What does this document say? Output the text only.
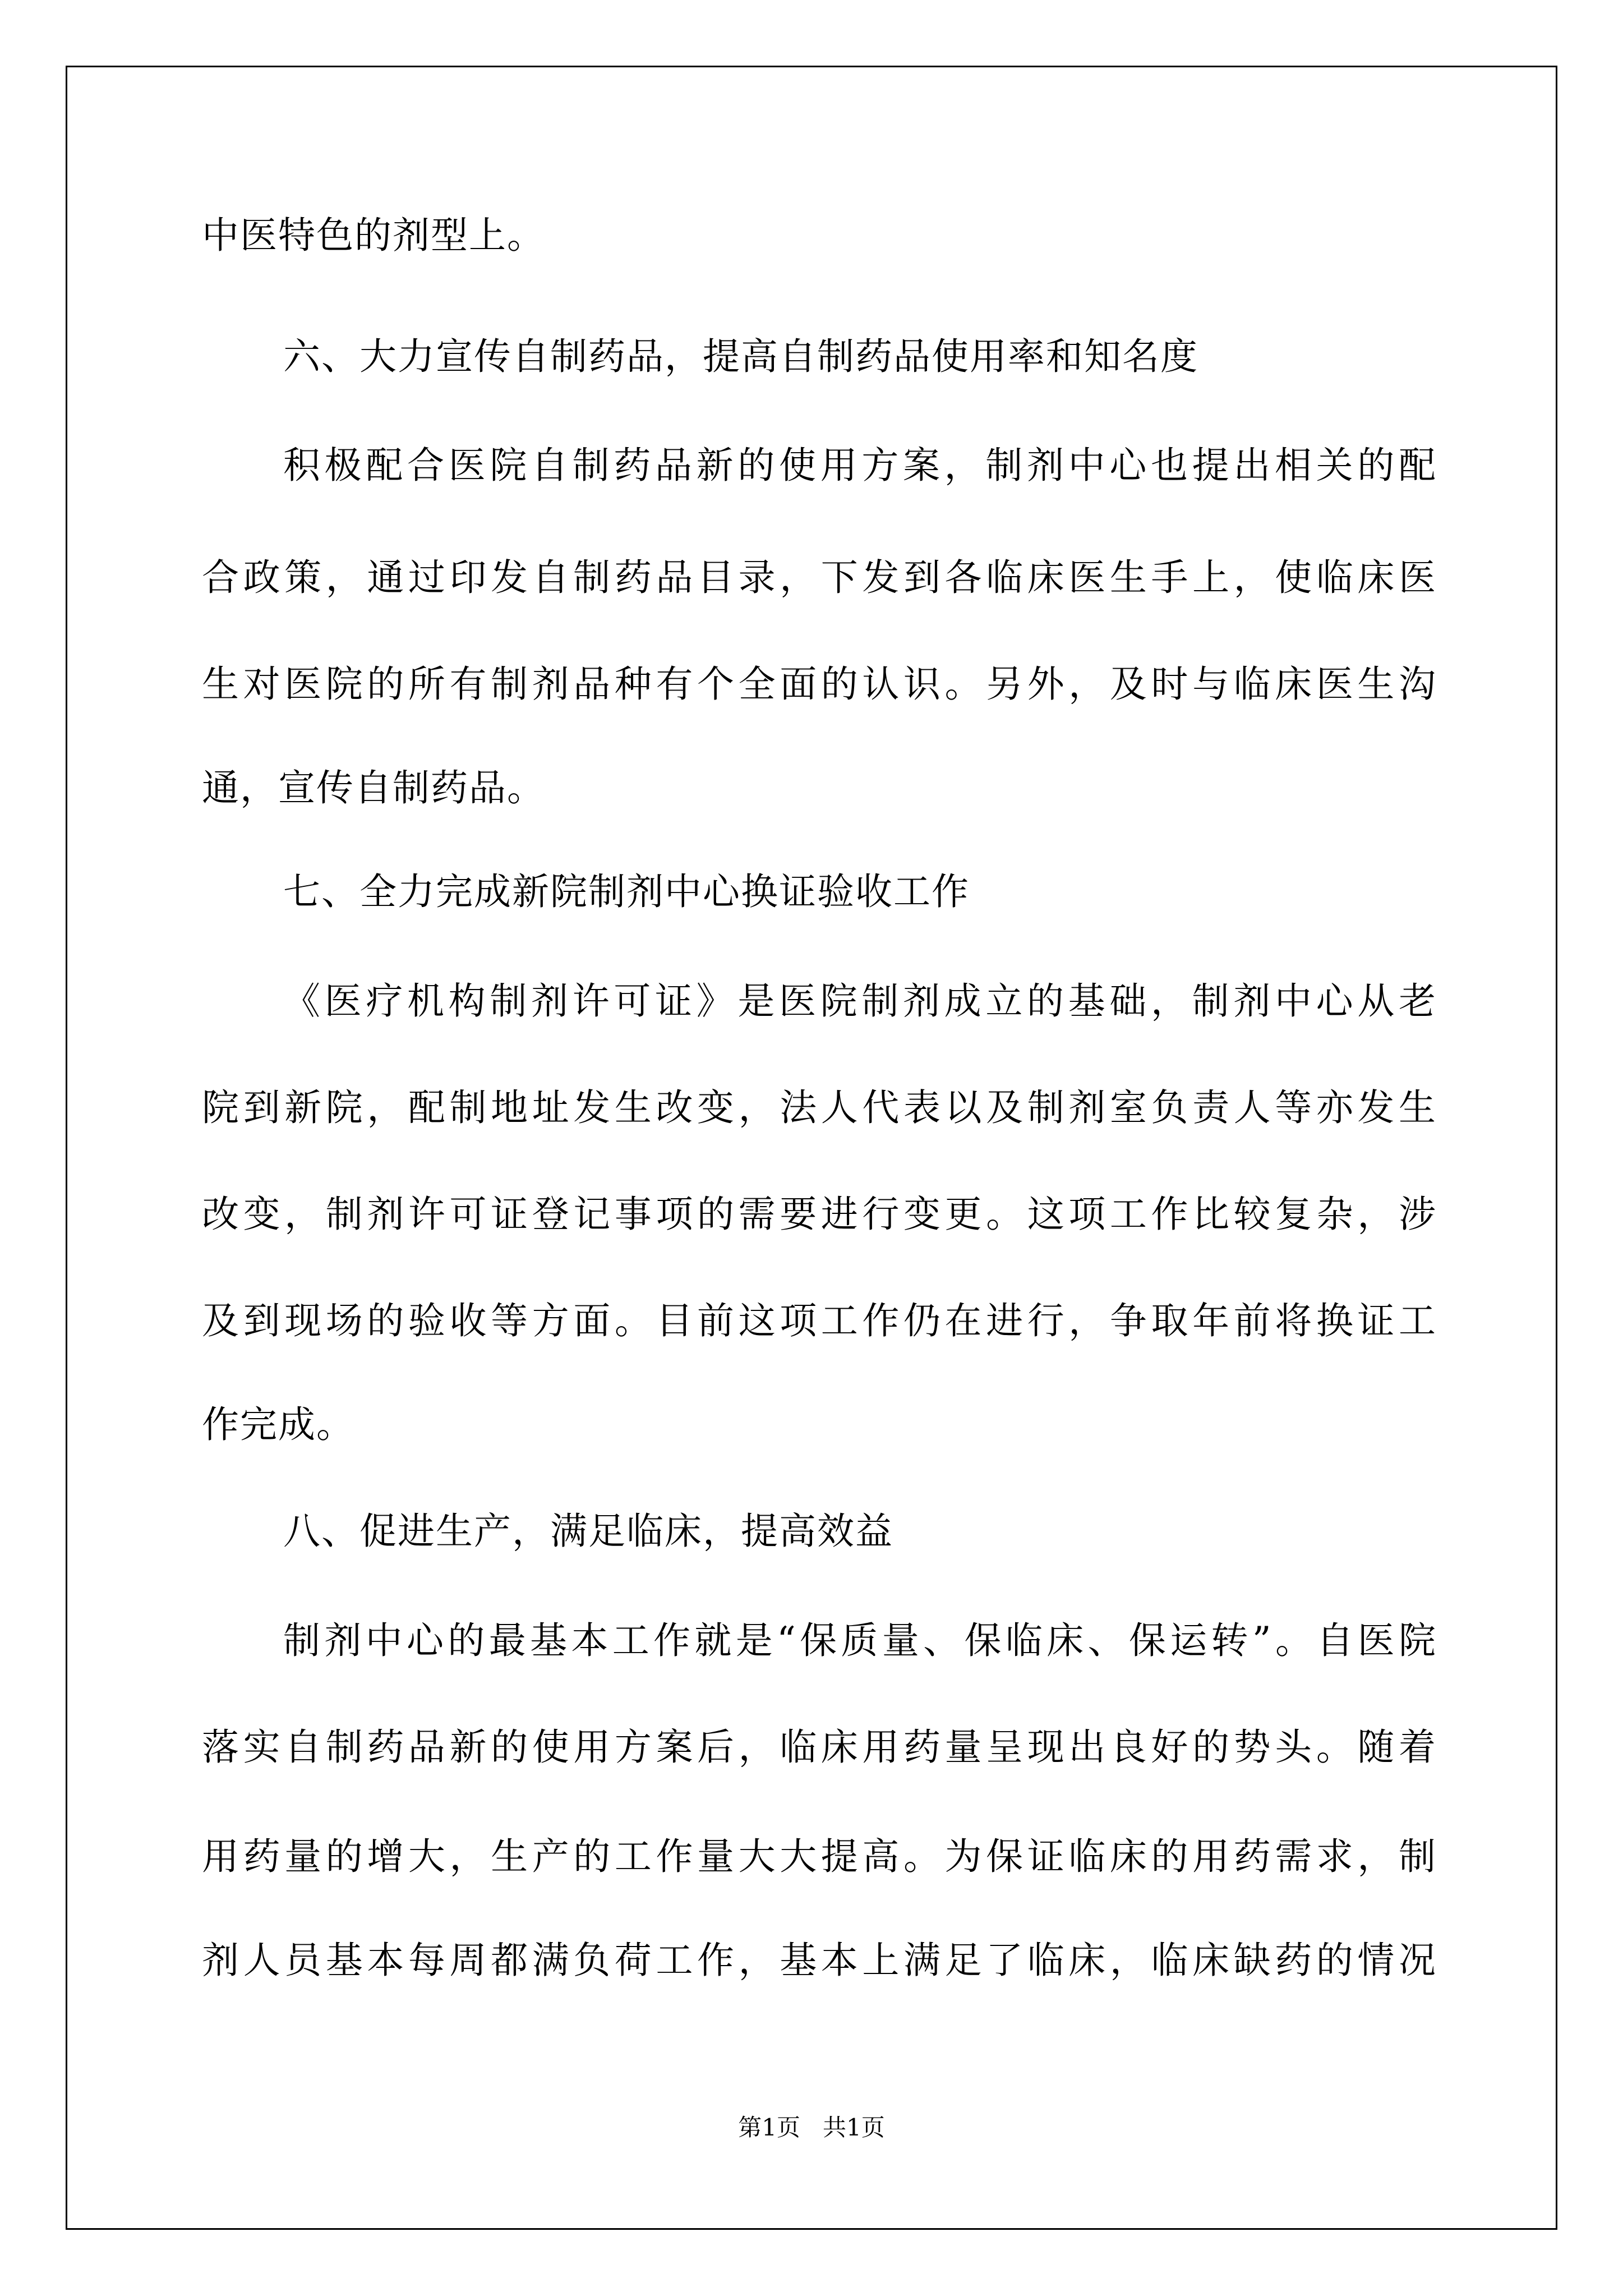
中医特色的剂型上。
六、大力宣传自制药品，提高自制药品使用率和知名度
积极配合医院自制药品新的使用方案，制剂中心也提出相关的配
合政策，通过印发自制药品目录，下发到各临床医生手上，使临床医
生对医院的所有制剂品种有个全面的认识。另外，及时与临床医生沟
通，宣传自制药品。
七、全力完成新院制剂中心换证验收工作
《医疗机构制剂许可证》是医院制剂成立的基础，制剂中心从老
院到新院，配制地址发生改变，法人代表以及制剂室负责人等亦发生
改变，制剂许可证登记事项的需要进行变更。这项工作比较复杂，涉
及到现场的验收等方面。目前这项工作仍在进行，争取年前将换证工
作完成。
八、促进生产，满足临床，提高效益
制剂中心的最基本工作就是“保质量、保临床、保运转”。自医院
落实自制药品新的使用方案后，临床用药量呈现出良好的势头。随着
用药量的增大，生产的工作量大大提高。为保证临床的用药需求，制
剂人员基本每周都满负荷工作，基本上满足了临床，临床缺药的情况
第1页   共1页
